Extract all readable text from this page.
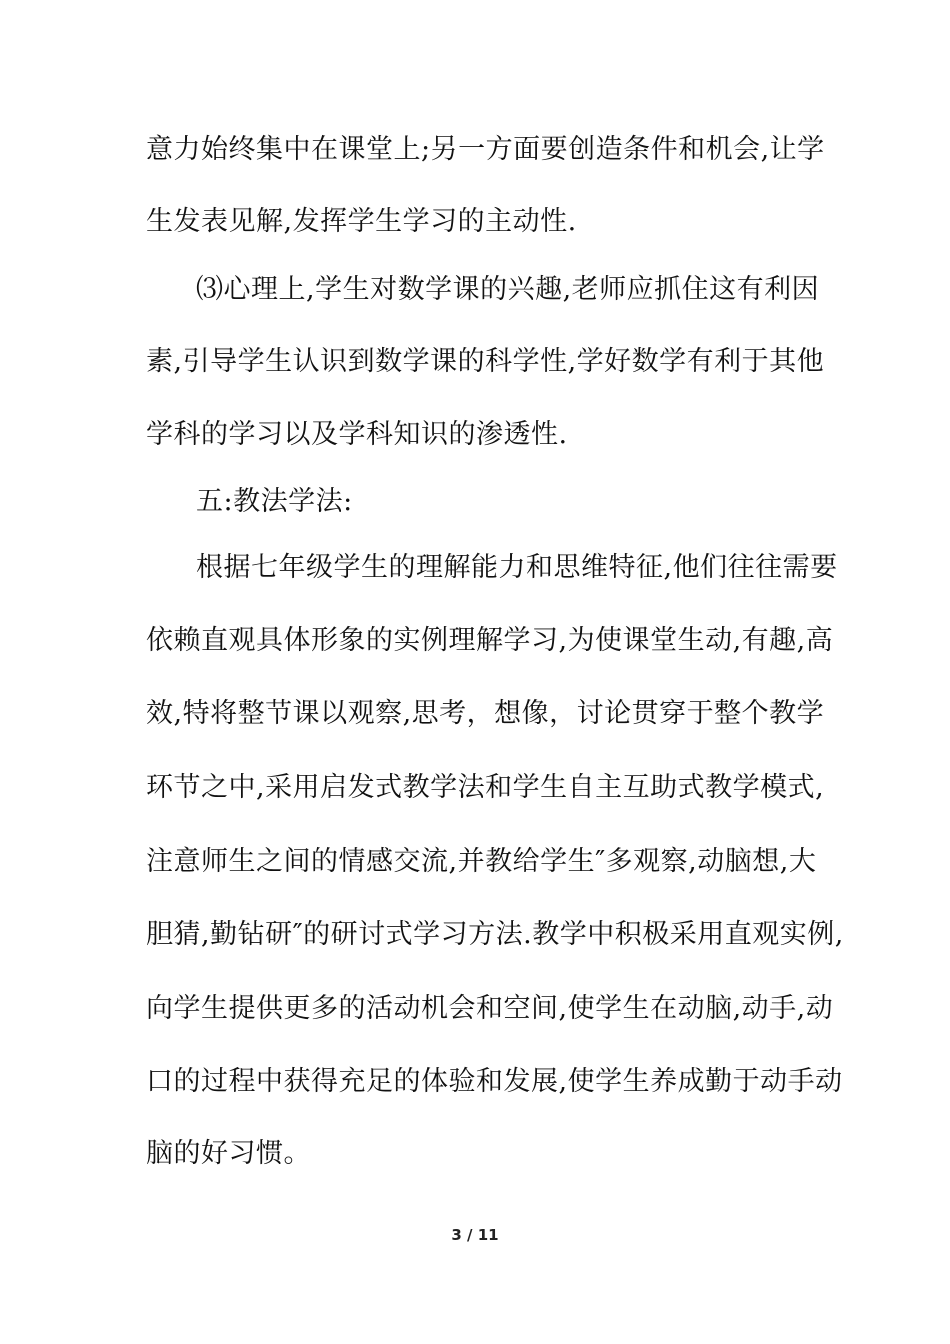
意力始终集中在课堂上;另一方面要创造条件和机会,让学
生发表见解,发挥学生学习的主动性.
⑶心理上,学生对数学课的兴趣,老师应抓住这有利因
素,引导学生认识到数学课的科学性,学好数学有利于其他
学科的学习以及学科知识的渗透性.
五:教法学法:
根据七年级学生的理解能力和思维特征,他们往往需要
依赖直观具体形象的实例理解学习,为使课堂生动,有趣,高
效,特将整节课以观察,思考，想像，讨论贯穿于整个教学
环节之中,采用启发式教学法和学生自主互助式教学模式,
注意师生之间的情感交流,并教给学生″多观察,动脑想,大
胆猜,勤钻研″的研讨式学习方法.教学中积极采用直观实例,
向学生提供更多的活动机会和空间,使学生在动脑,动手,动
口的过程中获得充足的体验和发展,使学生养成勤于动手动
脑的好习惯。
3 / 11
